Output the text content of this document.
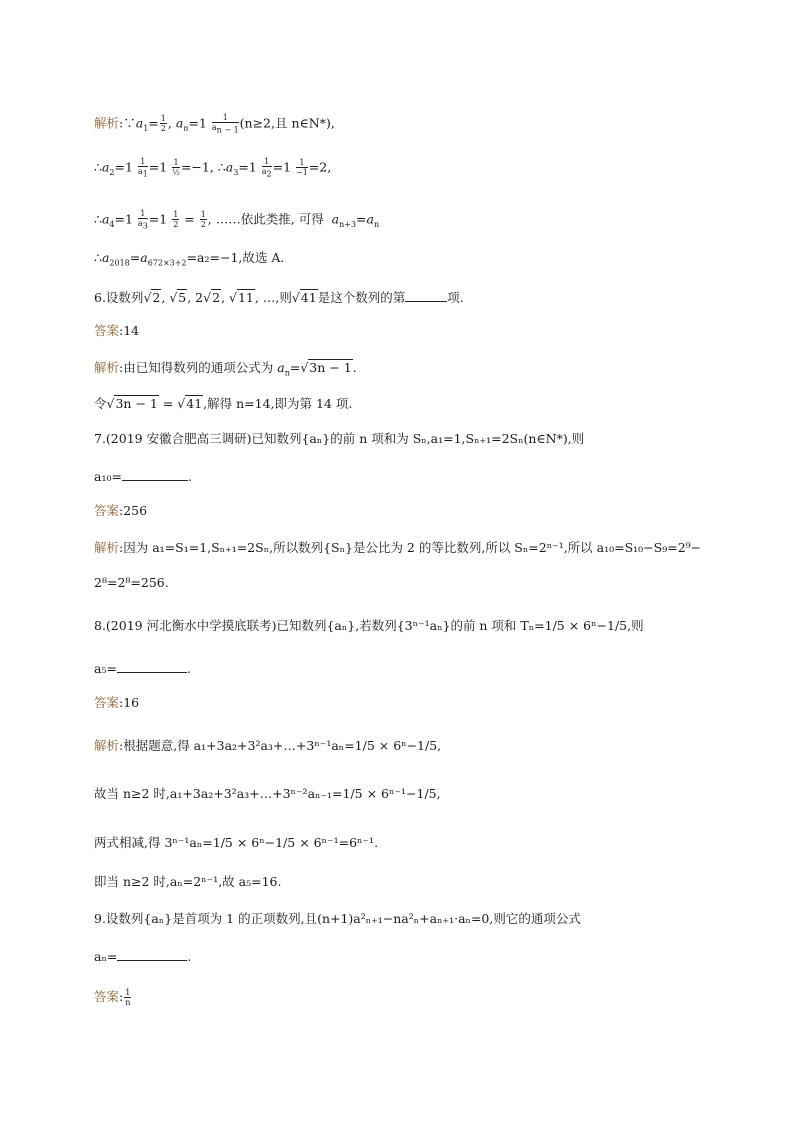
解析$:\because a_1= \frac{1}{2}$ , $a_n=1 \frac{1}{a_{n - 1}} (n\ge 2$,且 n∈N*),
$\therefore a_2=1 \frac{1}{a_1} =1 \frac{1}{\text{½}} =-1$, $\therefore a_3=1 \frac{1}{a_2} =1 \frac{1}{-1} =2$,
$\therefore a_4=1 \frac{1}{a_3} =1 \frac{1}{2} = \frac{1}{2}$ , ……依此类推, 可得  $a_{n+3}=a_n$
$\therefore a_{2018}=a_{672\times 3+2}=a_2=-1$,故选 A.
6.设数列√2, √5, 2√2, √11, …,则√41是这个数列的第	项.
答案:14
解析:由已知得数列的通项公式为 $a_n=√3n - 1$.
令√3n − 1 = √41,解得 n=14,即为第 14 项.
7.(2019 安徽合肥高三调研)已知数列{aₙ}的前 n 项和为 Sₙ,a₁=1,Sₙ₊₁=2Sₙ(n∈N*),则
a₁₀=	.
答案:256
解析:因为 a₁=S₁=1,Sₙ₊₁=2Sₙ,所以数列{Sₙ}是公比为 2 的等比数列,所以 Sₙ=2ⁿ⁻¹,所以 a₁₀=S₁₀−S₉=2⁹−
2⁸=2⁸=256.
8.(2019 河北衡水中学摸底联考)已知数列{aₙ},若数列{3ⁿ⁻¹aₙ}的前 n 项和 Tₙ=1/5 × 6ⁿ−1/5,则
a₅=	.
答案:16
解析:根据题意,得 a₁+3a₂+3²a₃+…+3ⁿ⁻¹aₙ=1/5 × 6ⁿ−1/5,
故当 n≥2 时,a₁+3a₂+3²a₃+…+3ⁿ⁻²aₙ₋₁=1/5 × 6ⁿ⁻¹−1/5,
两式相减,得 3ⁿ⁻¹aₙ=1/5 × 6ⁿ−1/5 × 6ⁿ⁻¹=6ⁿ⁻¹.
即当 n≥2 时,aₙ=2ⁿ⁻¹,故 a₅=16.
9.设数列{aₙ}是首项为 1 的正项数列,且(n+1)a²ₙ₊₁−na²ₙ+aₙ₊₁·aₙ=0,则它的通项公式
aₙ=	.
答案: $\frac{1}{n}$
